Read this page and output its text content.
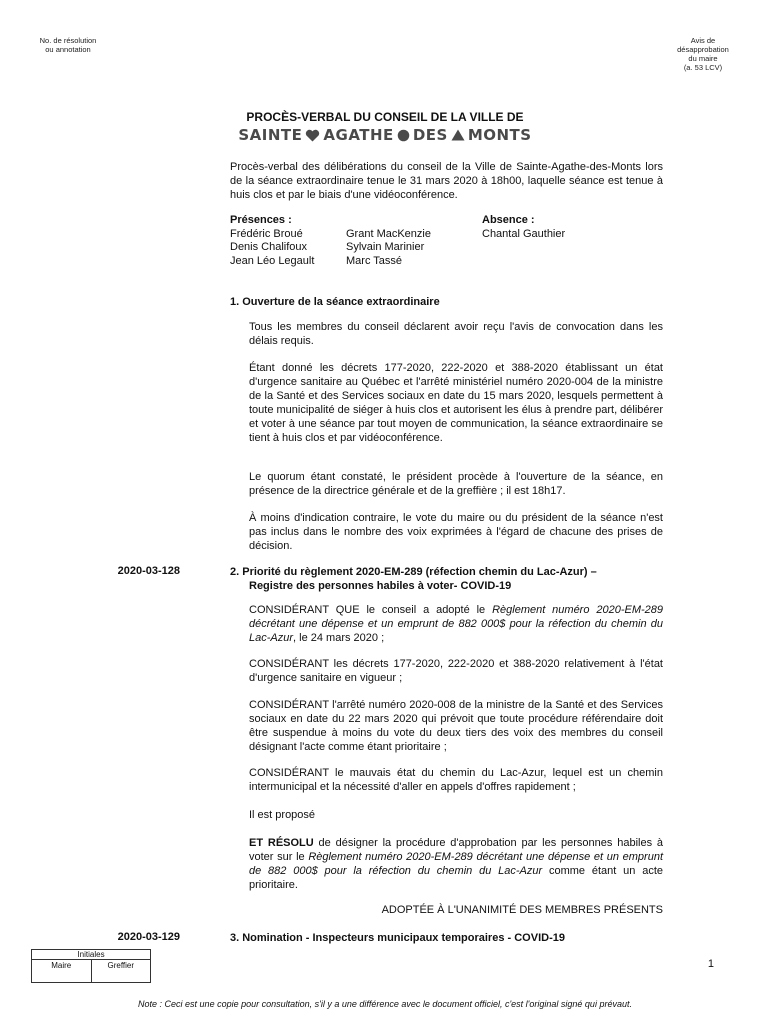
No. de résolution
ou annotation
Avis de
désapprobation
du maire
(a. 53 LCV)
PROCÈS-VERBAL DU CONSEIL DE LA VILLE DE
SAINTE AGATHE DES MONTS
Procès-verbal des délibérations du conseil de la Ville de Sainte-Agathe-des-Monts lors de la séance extraordinaire tenue le 31 mars 2020 à 18h00, laquelle séance est tenue à huis clos et par le biais d'une vidéoconférence.
Présences :
Frédéric Broué
Denis Chalifoux
Jean Léo Legault
Grant MacKenzie
Sylvain Marinier
Marc Tassé
Absence :
Chantal Gauthier
1. Ouverture de la séance extraordinaire
Tous les membres du conseil déclarent avoir reçu l'avis de convocation dans les délais requis.
Étant donné les décrets 177-2020, 222-2020 et 388-2020 établissant un état d'urgence sanitaire au Québec et l'arrêté ministériel numéro 2020-004 de la ministre de la Santé et des Services sociaux en date du 15 mars 2020, lesquels permettent à toute municipalité de siéger à huis clos et autorisent les élus à prendre part, délibérer et voter à une séance par tout moyen de communication, la séance extraordinaire se tient à huis clos et par vidéoconférence.
Le quorum étant constaté, le président procède à l'ouverture de la séance, en présence de la directrice générale et de la greffière ; il est 18h17.
À moins d'indication contraire, le vote du maire ou du président de la séance n'est pas inclus dans le nombre des voix exprimées à l'égard de chacune des prises de décision.
2020-03-128	2. Priorité du règlement 2020-EM-289 (réfection chemin du Lac-Azur) –
Registre des personnes habiles à voter- COVID-19
CONSIDÉRANT QUE le conseil a adopté le Règlement numéro 2020-EM-289 décrétant une dépense et un emprunt de 882 000$ pour la réfection du chemin du Lac-Azur, le 24 mars 2020 ;
CONSIDÉRANT les décrets 177-2020, 222-2020 et 388-2020 relativement à l'état d'urgence sanitaire en vigueur ;
CONSIDÉRANT l'arrêté numéro 2020-008 de la ministre de la Santé et des Services sociaux en date du 22 mars 2020 qui prévoit que toute procédure référendaire doit être suspendue à moins du vote du deux tiers des voix des membres du conseil désignant l'acte comme étant prioritaire ;
CONSIDÉRANT le mauvais état du chemin du Lac-Azur, lequel est un chemin intermunicipal et la nécessité d'aller en appels d'offres rapidement ;
Il est proposé
ET RÉSOLU de désigner la procédure d'approbation par les personnes habiles à voter sur le Règlement numéro 2020-EM-289 décrétant une dépense et un emprunt de 882 000$ pour la réfection du chemin du Lac-Azur comme étant un acte prioritaire.
ADOPTÉE À L'UNANIMITÉ DES MEMBRES PRÉSENTS
2020-03-129	3. Nomination - Inspecteurs municipaux temporaires - COVID-19
Initiales
Maire	Greffier	1
Note : Ceci est une copie pour consultation, s'il y a une différence avec le document officiel, c'est l'original signé qui prévaut.
